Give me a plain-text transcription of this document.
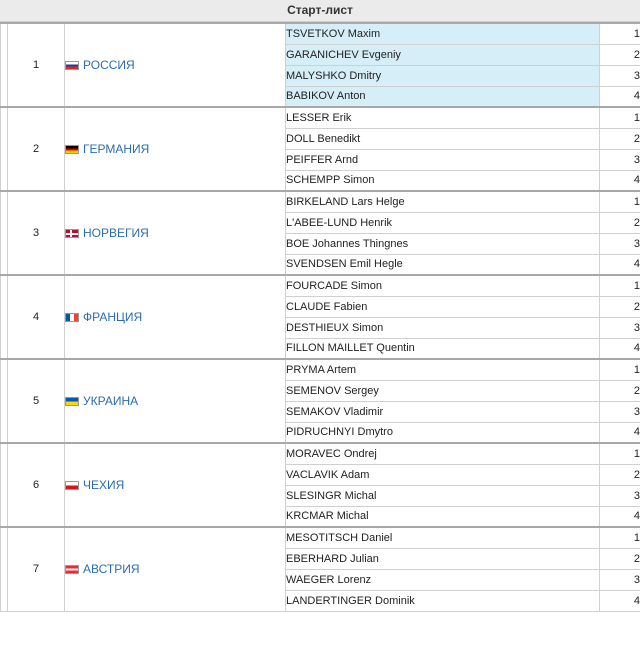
Старт-лист
	1	РОССИЯ	TSVETKOV Maxim	1
			GARANICHEV Evgeniy	2
			MALYSHKO Dmitry	3
			BABIKOV Anton	4
	2	ГЕРМАНИЯ	LESSER Erik	1
			DOLL Benedikt	2
			PEIFFER Arnd	3
			SCHEMPP Simon	4
	3	НОРВЕГИЯ	BIRKELAND Lars Helge	1
			L'ABEE-LUND Henrik	2
			BOE Johannes Thingnes	3
			SVENDSEN Emil Hegle	4
	4	ФРАНЦИЯ	FOURCADE Simon	1
			CLAUDE Fabien	2
			DESTHIEUX Simon	3
			FILLON MAILLET Quentin	4
	5	УКРАИНА	PRYMA Artem	1
			SEMENOV Sergey	2
			SEMAKOV Vladimir	3
			PIDRUCHNYI Dmytro	4
	6	ЧЕХИЯ	MORAVEC Ondrej	1
			VACLAVIK Adam	2
			SLESINGR Michal	3
			KRCMAR Michal	4
	7	АВСТРИЯ	MESOTITSCH Daniel	1
			EBERHARD Julian	2
			WAEGER Lorenz	3
			LANDERTINGER Dominik	4
